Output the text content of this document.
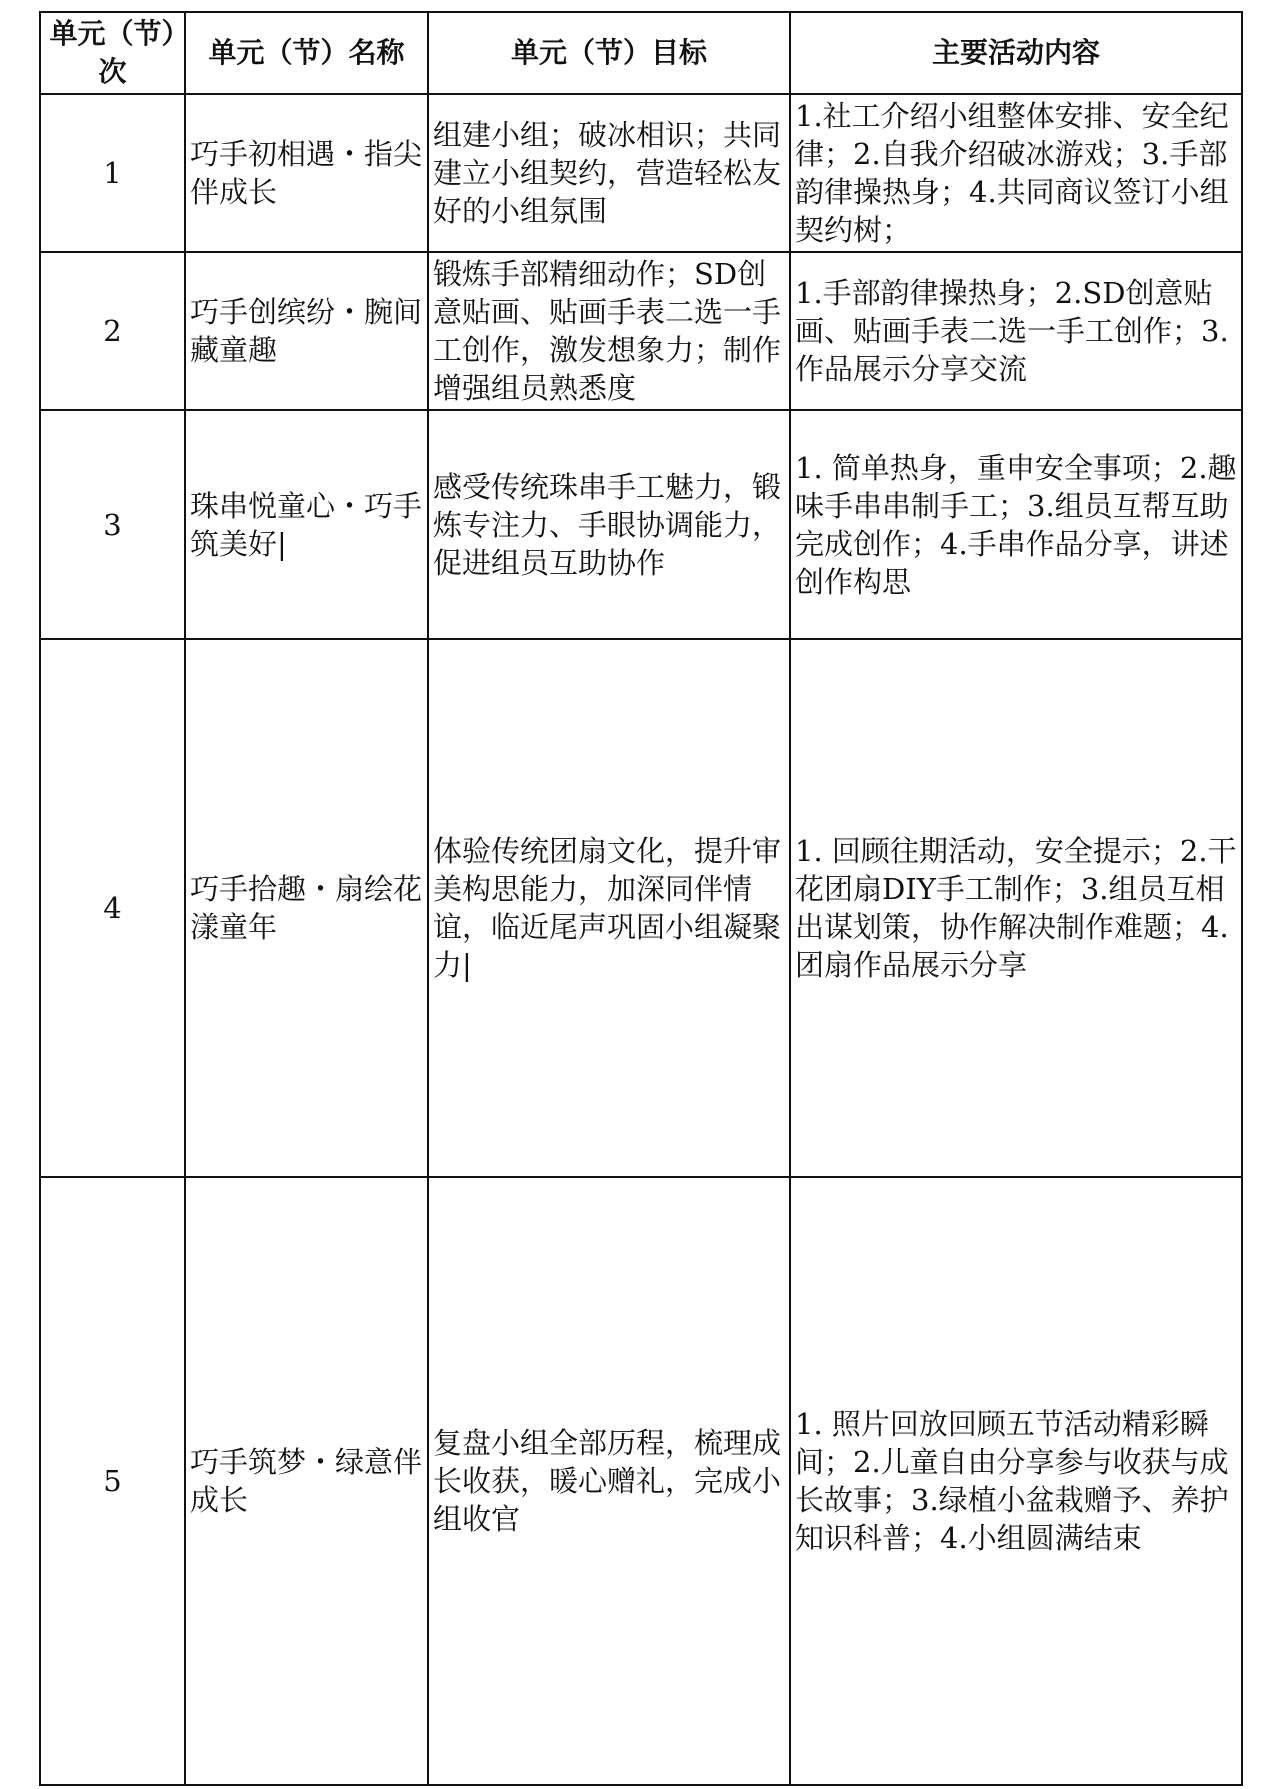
单元（节）次	单元（节）名称	单元（节）目标	主要活动内容
1	巧手初相遇・指尖伴成长	组建小组；破冰相识；共同建立小组契约，营造轻松友好的小组氛围	1.社工介绍小组整体安排、安全纪律；2.自我介绍破冰游戏；3.手部韵律操热身；4.共同商议签订小组契约树；
2	巧手创缤纷・腕间藏童趣	锻炼手部精细动作；SD创意贴画、贴画手表二选一手工创作，激发想象力；制作增强组员熟悉度	1.手部韵律操热身；2.SD创意贴画、贴画手表二选一手工创作；3.作品展示分享交流
3	珠串悦童心・巧手筑美好|	感受传统珠串手工魅力，锻炼专注力、手眼协调能力，促进组员互助协作	1. 简单热身，重申安全事项；2.趣味手串串制手工；3.组员互帮互助完成创作；4.手串作品分享，讲述创作构思
4	巧手拾趣・扇绘花漾童年	体验传统团扇文化，提升审美构思能力，加深同伴情谊，临近尾声巩固小组凝聚力|	1. 回顾往期活动，安全提示；2.干花团扇DIY手工制作；3.组员互相出谋划策，协作解决制作难题；4.团扇作品展示分享
5	巧手筑梦・绿意伴成长	复盘小组全部历程，梳理成长收获，暖心赠礼，完成小组收官	1. 照片回放回顾五节活动精彩瞬间；2.儿童自由分享参与收获与成长故事；3.绿植小盆栽赠予、养护知识科普；4.小组圆满结束
